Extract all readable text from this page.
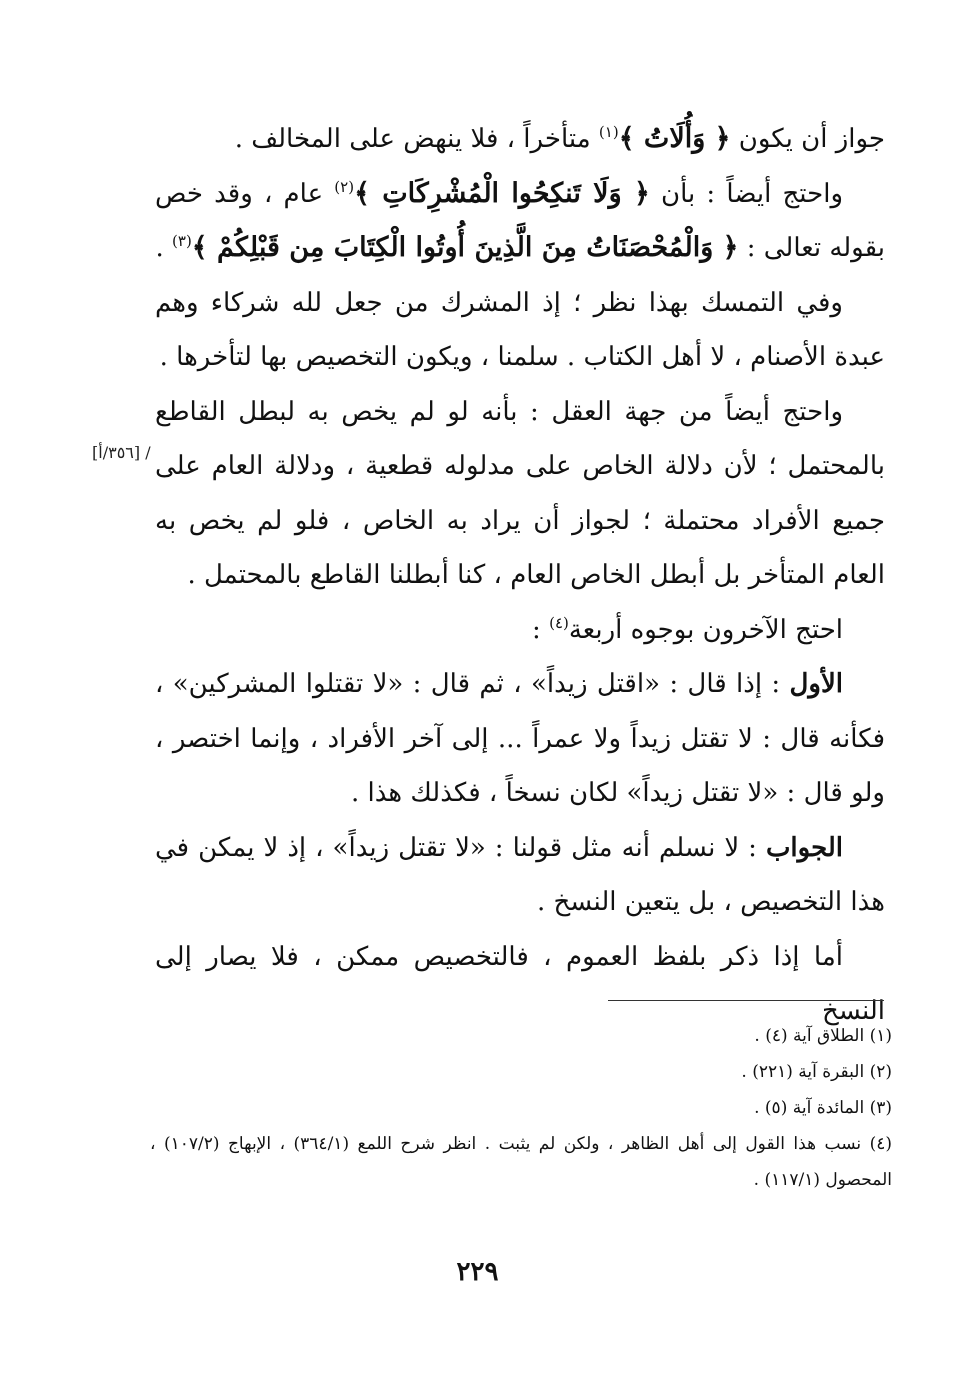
جواز أن يكون ﴿ وَأُلَاتُ ﴾$^{(١)}$ متأخراً ، فلا ينهض على المخالف .

واحتج أيضاً : بأن ﴿ وَلَا تَنكِحُوا الْمُشْرِكَاتِ ﴾$^{(٢)}$ عام ، وقد خص بقوله تعالى : ﴿ وَالْمُحْصَنَاتُ مِنَ الَّذِينَ أُوتُوا الْكِتَابَ مِن قَبْلِكُمْ ﴾$^{(٣)}$ .

وفي التمسك بهذا نظر ؛ إذ المشرك من جعل لله شركاء وهم عبدة الأصنام ، لا أهل الكتاب . سلمنا ، ويكون التخصيص بها لتأخرها .

واحتج أيضاً من جهة العقل : بأنه لو لم يخص به لبطل القاطع بالمحتمل ؛ لأن دلالة الخاص على مدلوله قطعية ، ودلالة العام على جميع الأفراد محتملة ؛ لجواز أن يراد به الخاص ، فلو لم يخص به العام المتأخر بل أبطل الخاص العام ، كنا أبطلنا القاطع بالمحتمل .

احتج الآخرون بوجوه أربعة$^{(٤)}$ :

الأول : إذا قال : «اقتل زيداً» ، ثم قال : «لا تقتلوا المشركين» ، فكأنه قال : لا تقتل زيداً ولا عمراً ... إلى آخر الأفراد ، وإنما اختصر ، ولو قال : «لا تقتل زيداً» لكان نسخاً ، فكذلك هذا .

الجواب : لا نسلم أنه مثل قولنا : «لا تقتل زيداً» ، إذ لا يمكن في هذا التخصيص ، بل يتعين النسخ .

أما إذا ذكر بلفظ العموم ، فالتخصيص ممكن ، فلا يصار إلى النسخ

[٣٥٦/أ] /

(١) الطلاق آية (٤) .

(٢) البقرة آية (٢٢١) .

(٣) المائدة آية (٥) .

(٤) نسب هذا القول إلى أهل الظاهر ، ولكن لم يثبت . انظر شرح اللمع (٣٦٤/١) ، الإبهاج (١٠٧/٢) ، المحصول (١١٧/١) .

٢٢٩
